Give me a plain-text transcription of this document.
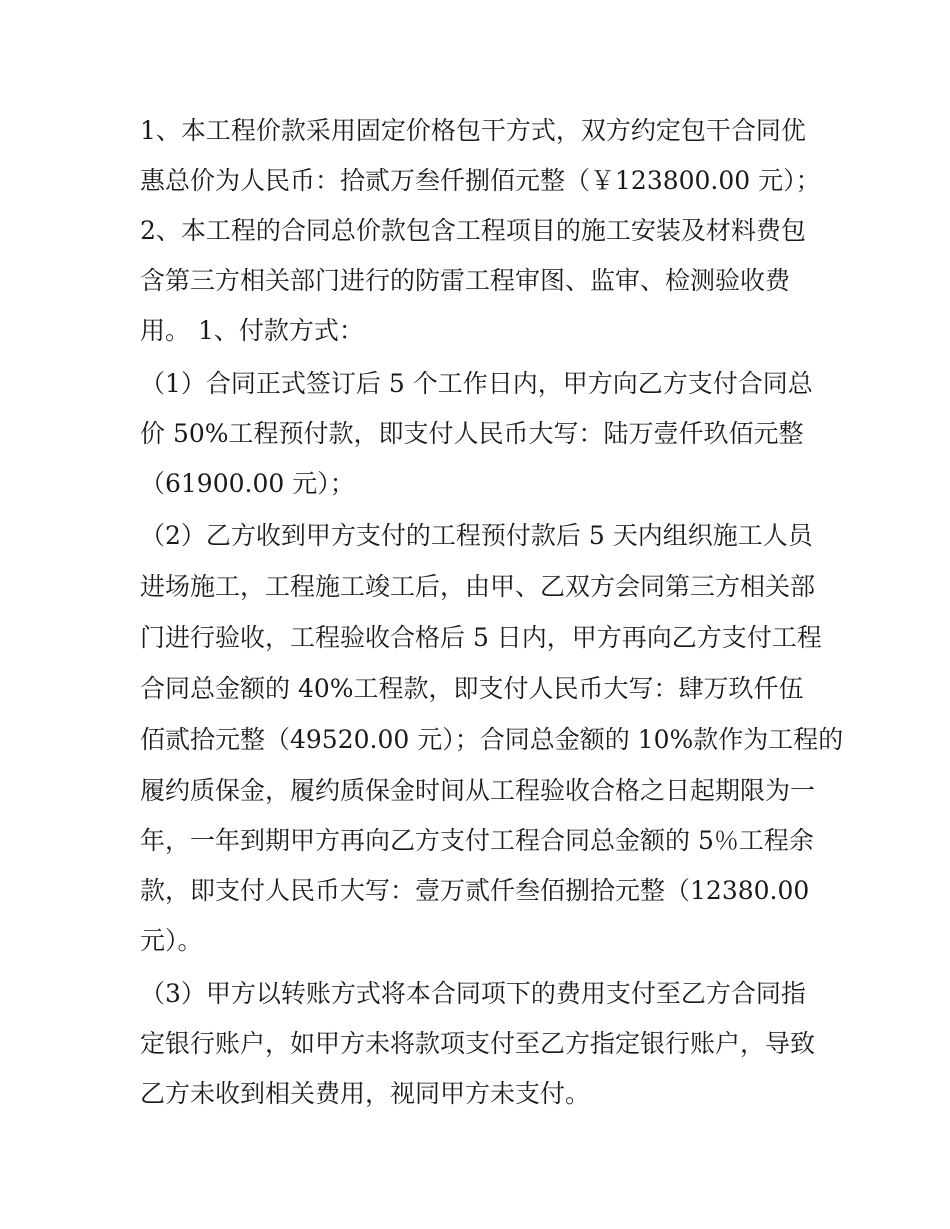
1、本工程价款采用固定价格包干方式，双方约定包干合同优
惠总价为人民币：拾贰万叁仟捌佰元整（￥123800.00 元）；
2、本工程的合同总价款包含工程项目的施工安装及材料费包
含第三方相关部门进行的防雷工程审图、监审、检测验收费
用。 1、付款方式：
（1）合同正式签订后 5 个工作日内，甲方向乙方支付合同总
价 50%工程预付款，即支付人民币大写：陆万壹仟玖佰元整
（61900.00 元）；
（2）乙方收到甲方支付的工程预付款后 5 天内组织施工人员
进场施工，工程施工竣工后，由甲、乙双方会同第三方相关部
门进行验收，工程验收合格后 5 日内，甲方再向乙方支付工程
合同总金额的 40%工程款，即支付人民币大写：肆万玖仟伍
佰贰拾元整（49520.00 元）；合同总金额的 10%款作为工程的
履约质保金，履约质保金时间从工程验收合格之日起期限为一
年，一年到期甲方再向乙方支付工程合同总金额的 5％工程余
款，即支付人民币大写：壹万贰仟叁佰捌拾元整（12380.00
元）。
（3）甲方以转账方式将本合同项下的费用支付至乙方合同指
定银行账户，如甲方未将款项支付至乙方指定银行账户，导致
乙方未收到相关费用，视同甲方未支付。
